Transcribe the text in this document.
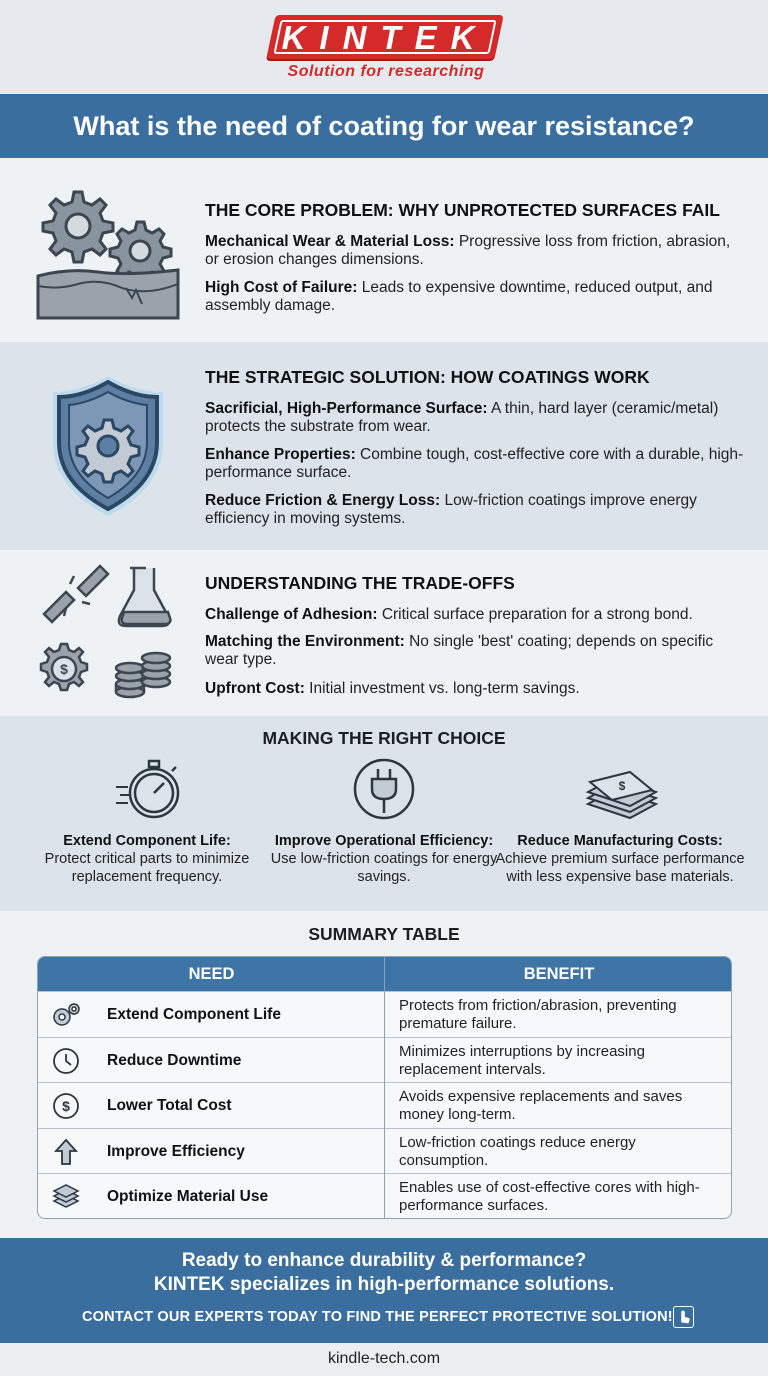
KINTEK
Solution for researching
What is the need of coating for wear resistance?
THE CORE PROBLEM: WHY UNPROTECTED SURFACES FAIL
Mechanical Wear & Material Loss: Progressive loss from friction, abrasion, or erosion changes dimensions.
High Cost of Failure: Leads to expensive downtime, reduced output, and assembly damage.
THE STRATEGIC SOLUTION: HOW COATINGS WORK
Sacrificial, High-Performance Surface: A thin, hard layer (ceramic/metal) protects the substrate from wear.
Enhance Properties: Combine tough, cost-effective core with a durable, high-performance surface.
Reduce Friction & Energy Loss: Low-friction coatings improve energy efficiency in moving systems.
$
UNDERSTANDING THE TRADE-OFFS
Challenge of Adhesion: Critical surface preparation for a strong bond.
Matching the Environment: No single 'best' coating; depends on specific wear type.
Upfront Cost: Initial investment vs. long-term savings.
MAKING THE RIGHT CHOICE
$
Extend Component Life:
Protect critical parts to minimize replacement frequency.
Improve Operational Efficiency:
Use low-friction coatings for energy savings.
Reduce Manufacturing Costs:
Achieve premium surface performance with less expensive base materials.
SUMMARY TABLE
NEED	BENEFIT
Extend Component Life
Protects from friction/abrasion, preventing premature failure.
Reduce Downtime
Minimizes interruptions by increasing replacement intervals.
$ Lower Total Cost
Avoids expensive replacements and saves money long-term.
Improve Efficiency
Low-friction coatings reduce energy consumption.
Optimize Material Use
Enables use of cost-effective cores with high-performance surfaces.
Ready to enhance durability & performance?
KINTEK specializes in high-performance solutions.
CONTACT OUR EXPERTS TODAY TO FIND THE PERFECT PROTECTIVE SOLUTION!
kindle-tech.com
